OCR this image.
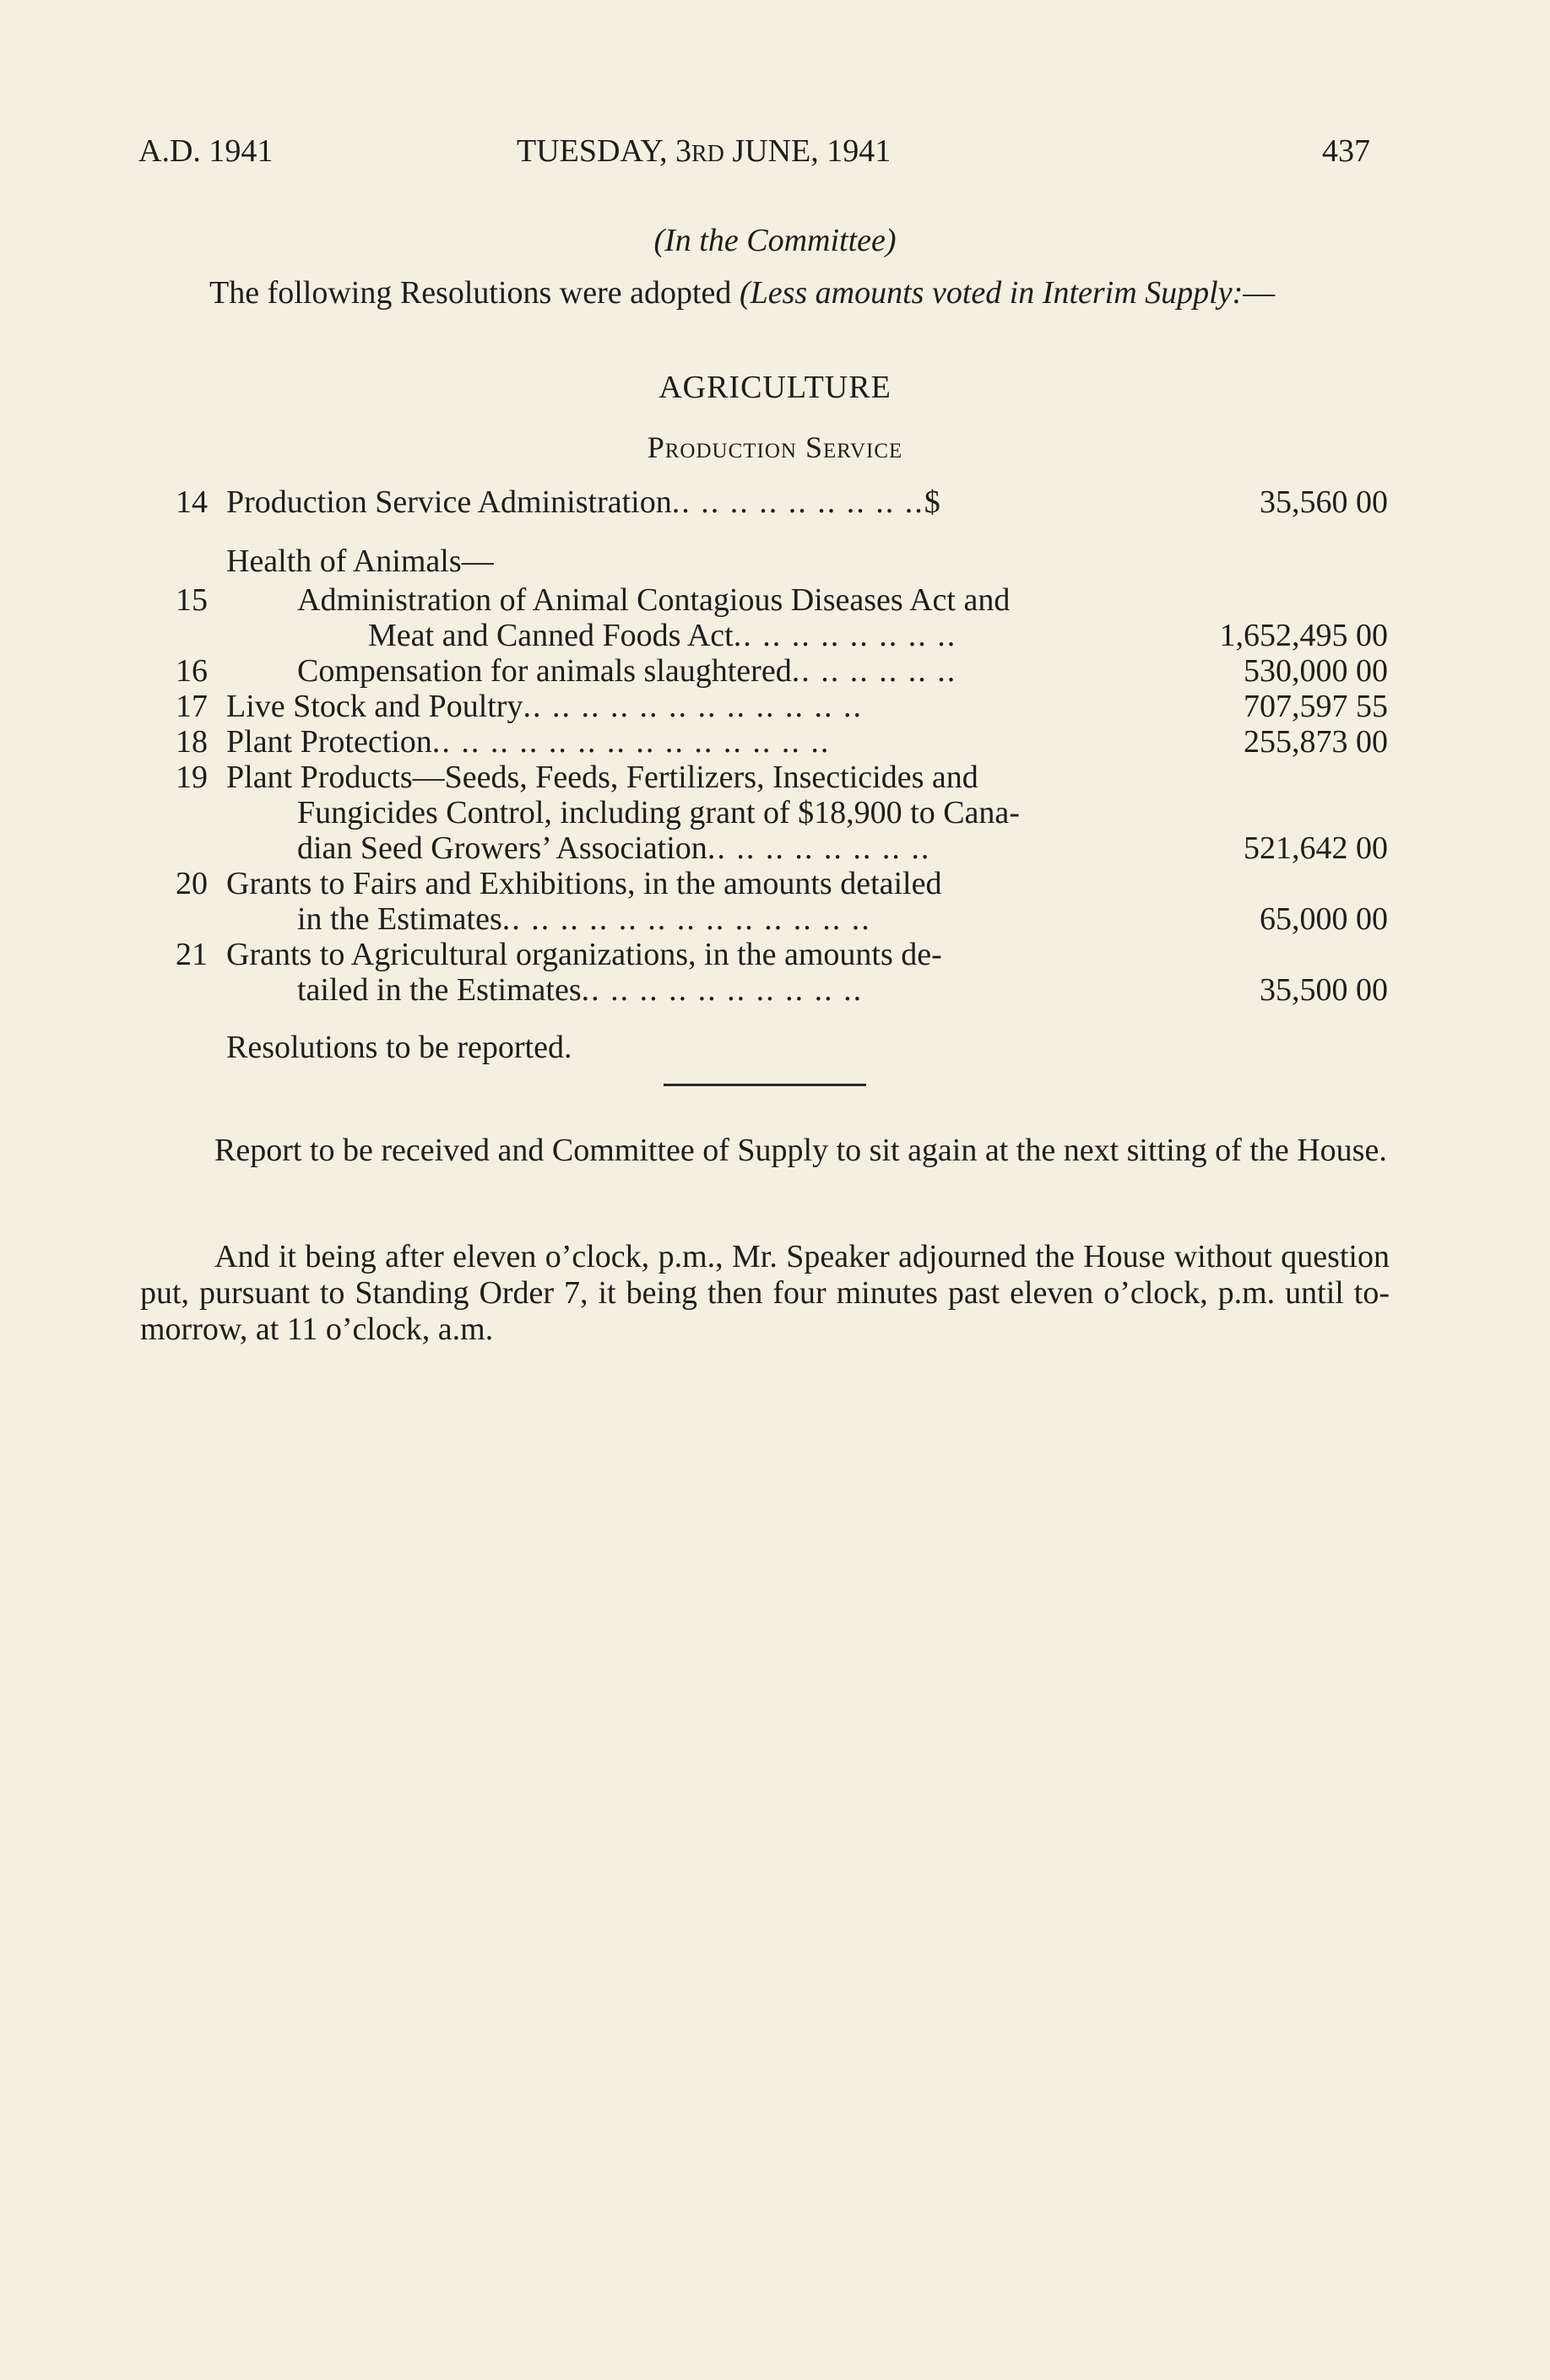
A.D. 1941	TUESDAY, 3RD JUNE, 1941	437
(In the Committee)
The following Resolutions were adopted (Less amounts voted in Interim Supply:—
AGRICULTURE
Production Service
14 Production Service Administration.. .. .. .. .. .. .. .. ..$	35,560 00
Health of Animals—
15	Administration of Animal Contagious Diseases Act and
Meat and Canned Foods Act.. .. .. .. .. .. .. ..	1,652,495 00
16	Compensation for animals slaughtered.. .. .. .. .. ..	530,000 00
17 Live Stock and Poultry.. .. .. .. .. .. .. .. .. .. .. ..	707,597 55
18 Plant Protection.. .. .. .. .. .. .. .. .. .. .. .. .. ..	255,873 00
19 Plant Products—Seeds, Feeds, Fertilizers, Insecticides and
Fungicides Control, including grant of $18,900 to Cana-
dian Seed Growers’ Association.. .. .. .. .. .. .. ..	521,642 00
20 Grants to Fairs and Exhibitions, in the amounts detailed
in the Estimates.. .. .. .. .. .. .. .. .. .. .. .. ..	65,000 00
21 Grants to Agricultural organizations, in the amounts de-
tailed in the Estimates.. .. .. .. .. .. .. .. .. ..	35,500 00
Resolutions to be reported.
Report to be received and Committee of Supply to sit again at the next sitting of the House.
And it being after eleven o’clock, p.m., Mr. Speaker adjourned the House without question put, pursuant to Standing Order 7, it being then four minutes past eleven o’clock, p.m. until to-morrow, at 11 o’clock, a.m.
